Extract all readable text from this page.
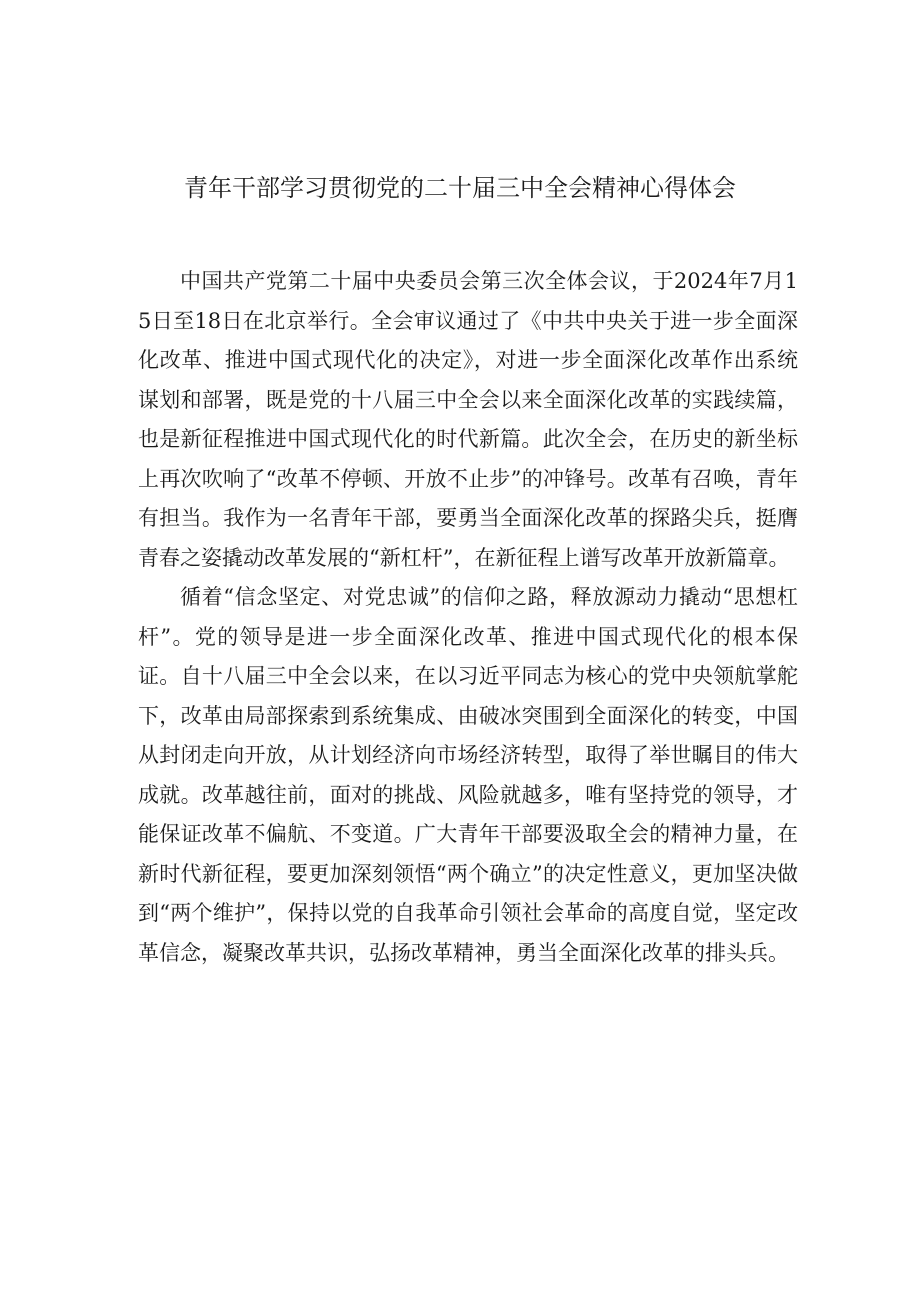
青年干部学习贯彻党的二十届三中全会精神心得体会

中国共产党第二十届中央委员会第三次全体会议，于2024年7月15日至18日在北京举行。全会审议通过了《中共中央关于进一步全面深化改革、推进中国式现代化的决定》，对进一步全面深化改革作出系统谋划和部署，既是党的十八届三中全会以来全面深化改革的实践续篇，也是新征程推进中国式现代化的时代新篇。此次全会，在历史的新坐标上再次吹响了“改革不停顿、开放不止步”的冲锋号。改革有召唤，青年有担当。我作为一名青年干部，要勇当全面深化改革的探路尖兵，挺膺青春之姿撬动改革发展的“新杠杆”，在新征程上谱写改革开放新篇章。

循着“信念坚定、对党忠诚”的信仰之路，释放源动力撬动“思想杠杆”。党的领导是进一步全面深化改革、推进中国式现代化的根本保证。自十八届三中全会以来，在以习近平同志为核心的党中央领航掌舵下，改革由局部探索到系统集成、由破冰突围到全面深化的转变，中国从封闭走向开放，从计划经济向市场经济转型，取得了举世瞩目的伟大成就。改革越往前，面对的挑战、风险就越多，唯有坚持党的领导，才能保证改革不偏航、不变道。广大青年干部要汲取全会的精神力量，在新时代新征程，要更加深刻领悟“两个确立”的决定性意义，更加坚决做到“两个维护”，保持以党的自我革命引领社会革命的高度自觉，坚定改革信念，凝聚改革共识，弘扬改革精神，勇当全面深化改革的排头兵。
